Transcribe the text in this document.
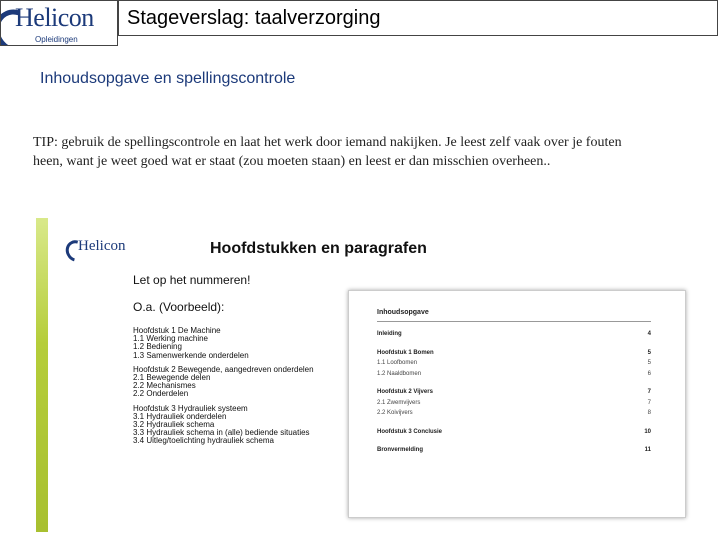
Helicon
Opleidingen
Stageverslag: taalverzorging
Inhoudsopgave en spellingscontrole
TIP: gebruik de spellingscontrole en laat het werk door iemand nakijken. Je leest zelf vaak over je fouten heen, want je weet goed wat er staat (zou moeten staan) en leest er dan misschien overheen..
Helicon	Hoofdstukken en paragrafen
Let op het nummeren!
O.a. (Voorbeeld):
Hoofdstuk 1 De Machine
1.1 Werking machine
1.2 Bediening
1.3 Samenwerkende onderdelen
Hoofdstuk 2 Bewegende, aangedreven onderdelen
2.1 Bewegende delen
2.2 Mechanismes
2.2 Onderdelen
Hoofdstuk 3 Hydrauliek systeem
3.1 Hydrauliek onderdelen
3.2 Hydrauliek schema
3.3 Hydrauliek schema in (alle) bediende situaties
3.4 Uitleg/toelichting hydrauliek schema
Inhoudsopgave
Inleiding	4
Hoofdstuk 1 Bomen	5
1.1 Loofbomen	5
1.2 Naaldbomen	6
Hoofdstuk 2 Vijvers	7
2.1 Zwemvijvers	7
2.2 Koivijvers	8
Hoofdstuk 3 Conclusie	10
Bronvermelding	11
